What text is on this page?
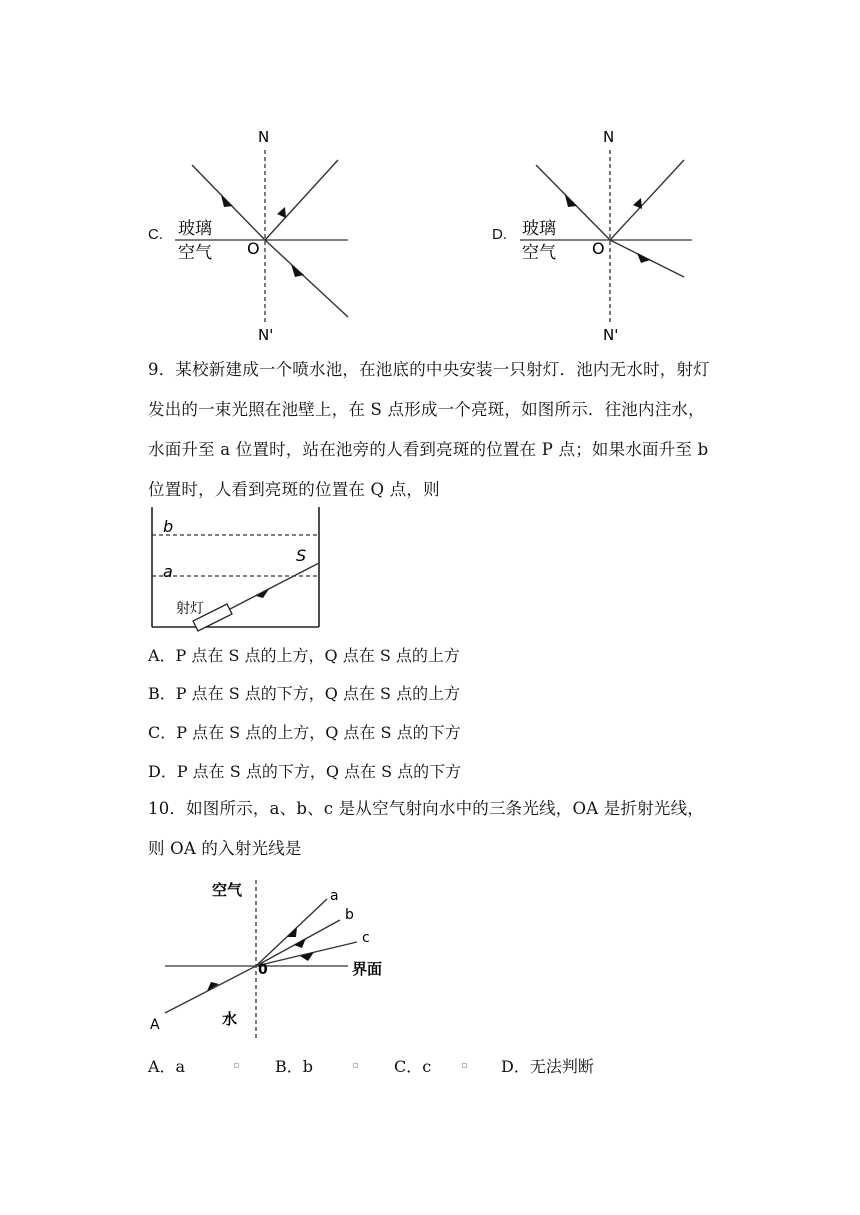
C.
N
N'
O
玻璃
空气
D.
N
N'
O
玻璃
空气
9．某校新建成一个喷水池，在池底的中央安装一只射灯．池内无水时，射灯发出的一束光照在池壁上，在 S 点形成一个亮斑，如图所示．往池内注水，水面升至 a 位置时，站在池旁的人看到亮斑的位置在 P 点；如果水面升至 b 位置时，人看到亮斑的位置在 Q 点，则
b
a
S
射灯
A．P 点在 S 点的上方，Q 点在 S 点的上方
B．P 点在 S 点的下方，Q 点在 S 点的上方
C．P 点在 S 点的上方，Q 点在 S 点的下方
D．P 点在 S 点的下方，Q 点在 S 点的下方
10．如图所示，a、b、c 是从空气射向水中的三条光线，OA 是折射光线，则 OA 的入射光线是
空气
水
界面
0
a
b
c
A
A．a	B．b	C．c	D．无法判断
